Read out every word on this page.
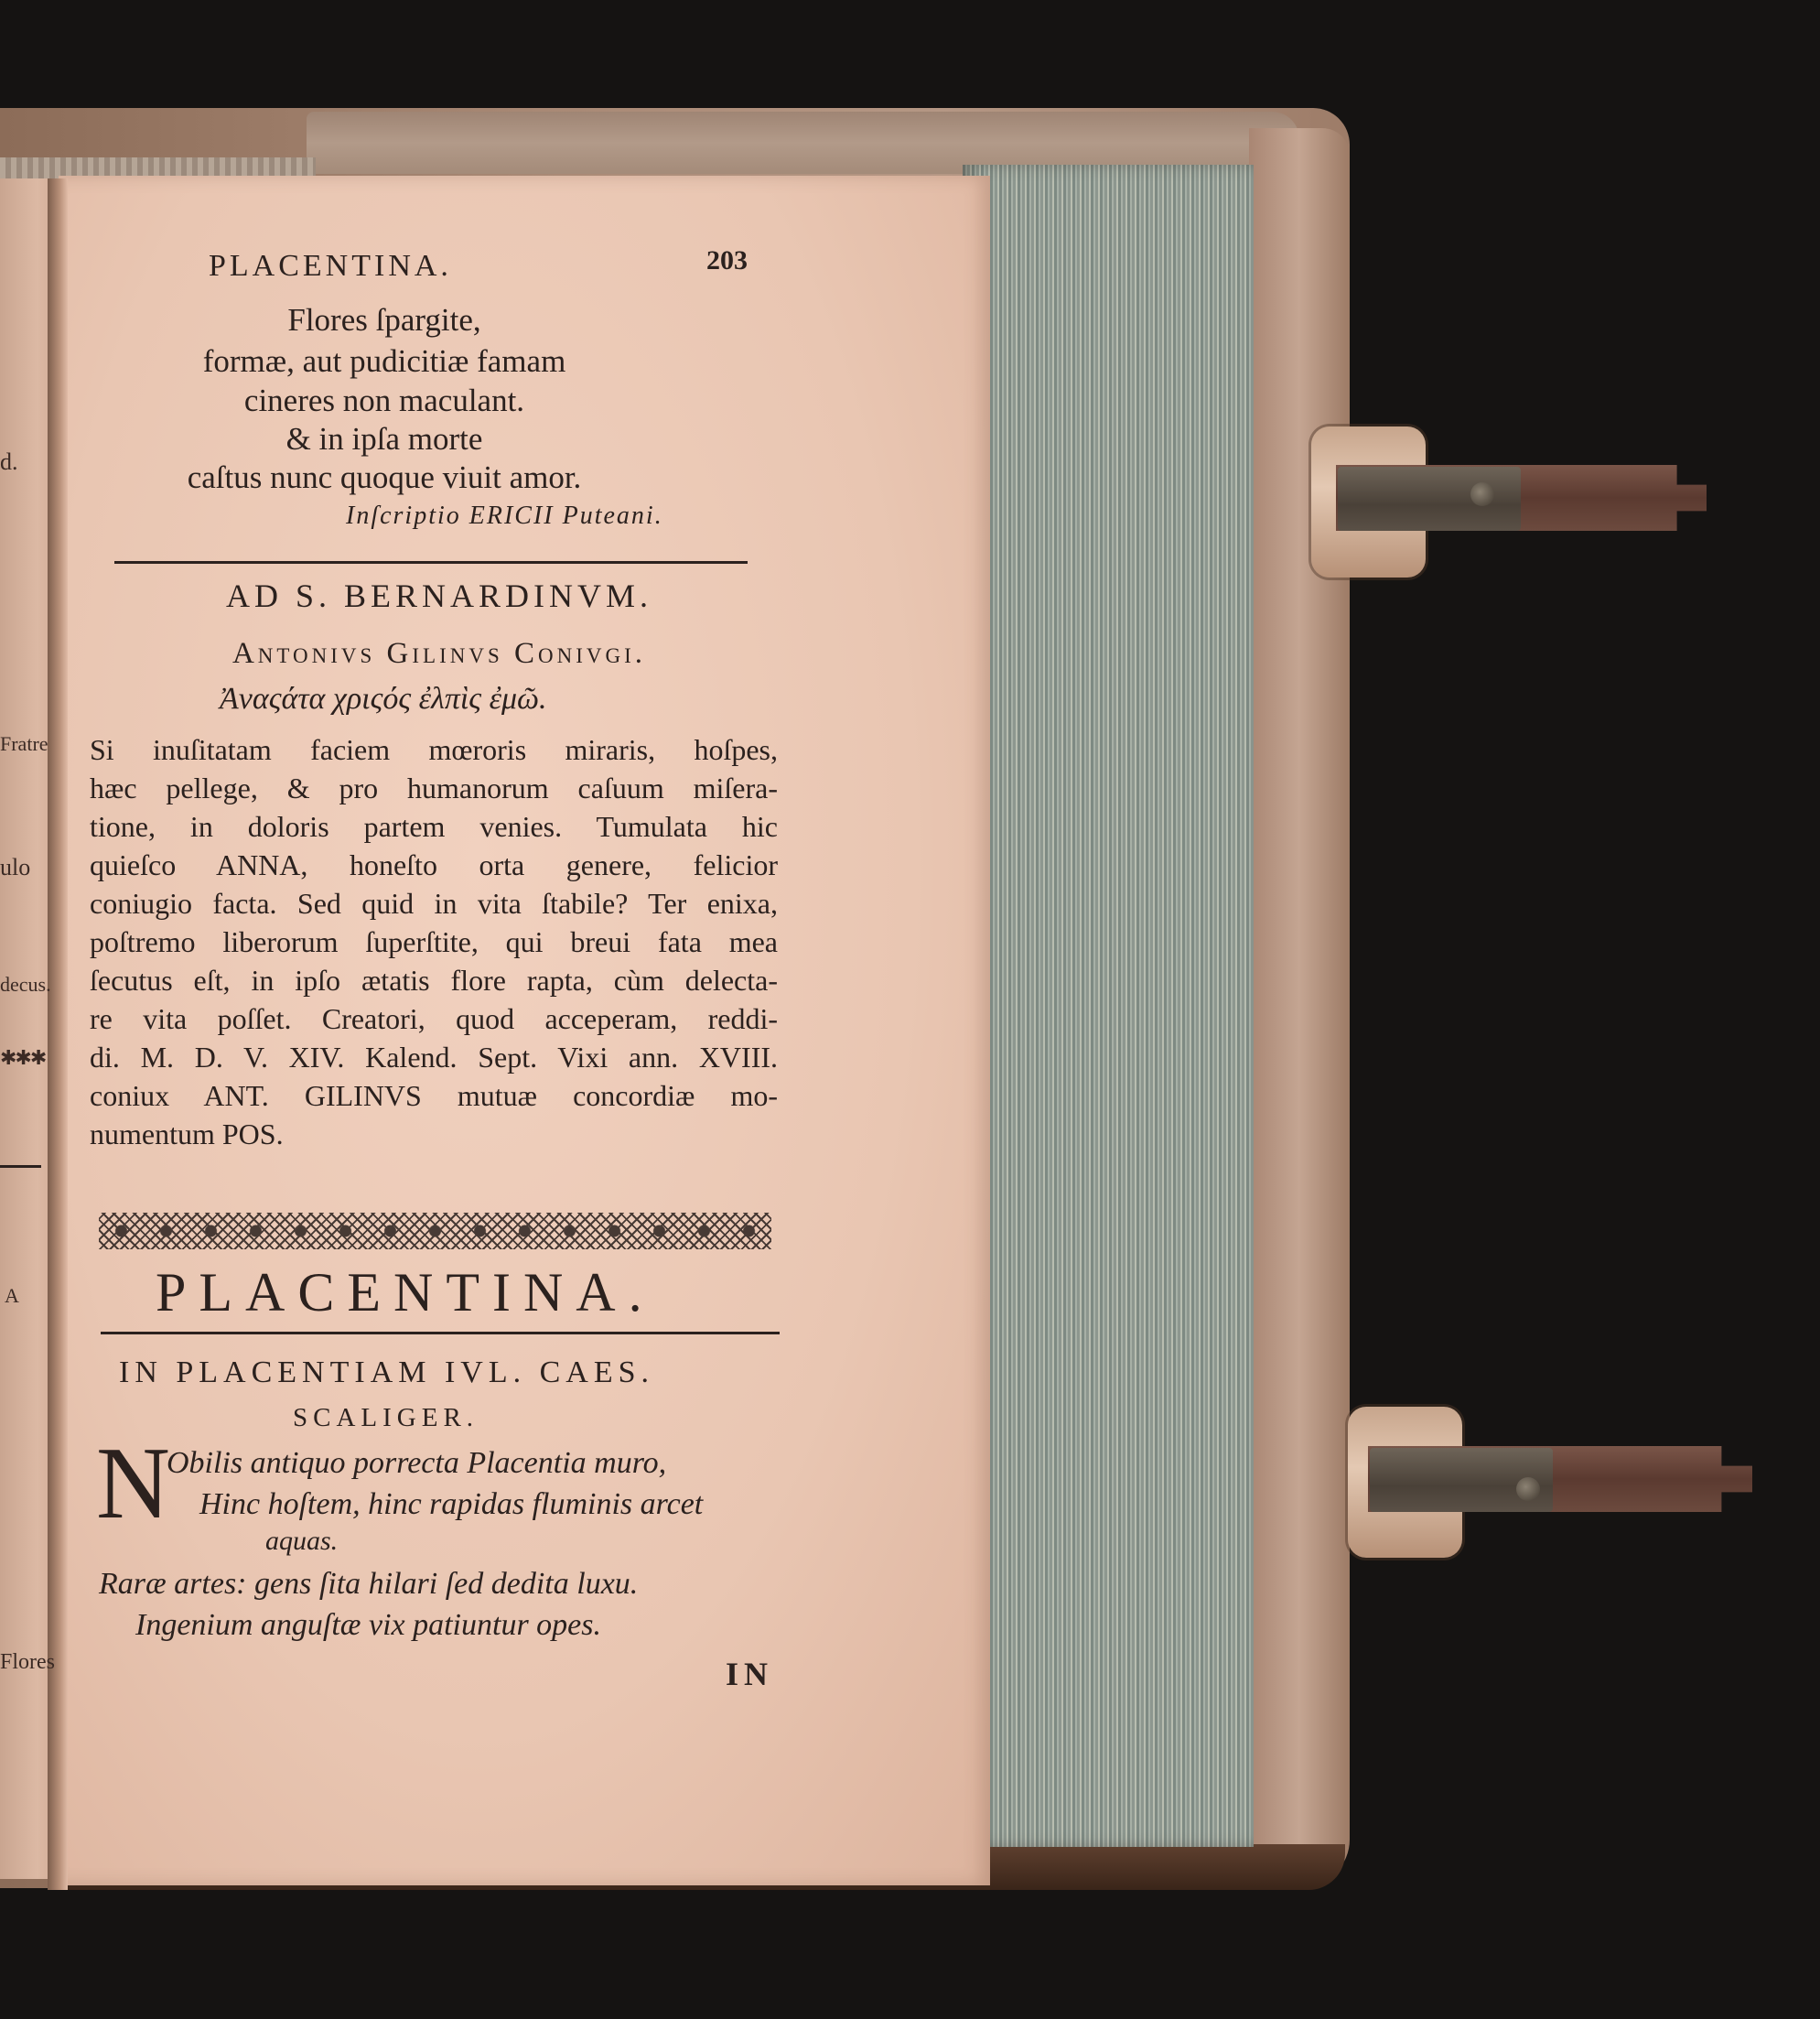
d.
Fratre
ulo
decus.
✱✱✱
A
Flores
PLACENTINA.	203
Flores ſpargite,
formæ, aut pudicitiæ famam
cineres non maculant.
& in ipſa morte
caſtus nunc quoque viuit amor.
Inſcriptio ERICII Puteani.
AD S. BERNARDINVM.
Antonivs Gilinvs Conivgi.
Ἀναςάτα χριςός ἐλπὶς ἐμῶ.
Si inuſitatam faciem mœroris miraris, hoſpes,
hæc pellege, & pro humanorum caſuum miſera-
tione, in doloris partem venies. Tumulata hic
quieſco ANNA, honeſto orta genere, felicior
coniugio facta. Sed quid in vita ſtabile? Ter enixa,
poſtremo liberorum ſuperſtite, qui breui fata mea
ſecutus eſt, in ipſo ætatis flore rapta, cùm delecta-
re vita poſſet. Creatori, quod acceperam, reddi-
di. M. D. V. XIV. Kalend. Sept. Vixi ann. XVIII.
coniux ANT. GILINVS mutuæ concordiæ mo-
numentum POS.
PLACENTINA.
IN PLACENTIAM IVL. CAES.
SCALIGER.
N
Obilis antiquo porrecta Placentia muro,
Hinc hoſtem, hinc rapidas fluminis arcet
aquas.
Raræ artes: gens ſita hilari ſed dedita luxu.
Ingenium anguſtæ vix patiuntur opes.
IN
